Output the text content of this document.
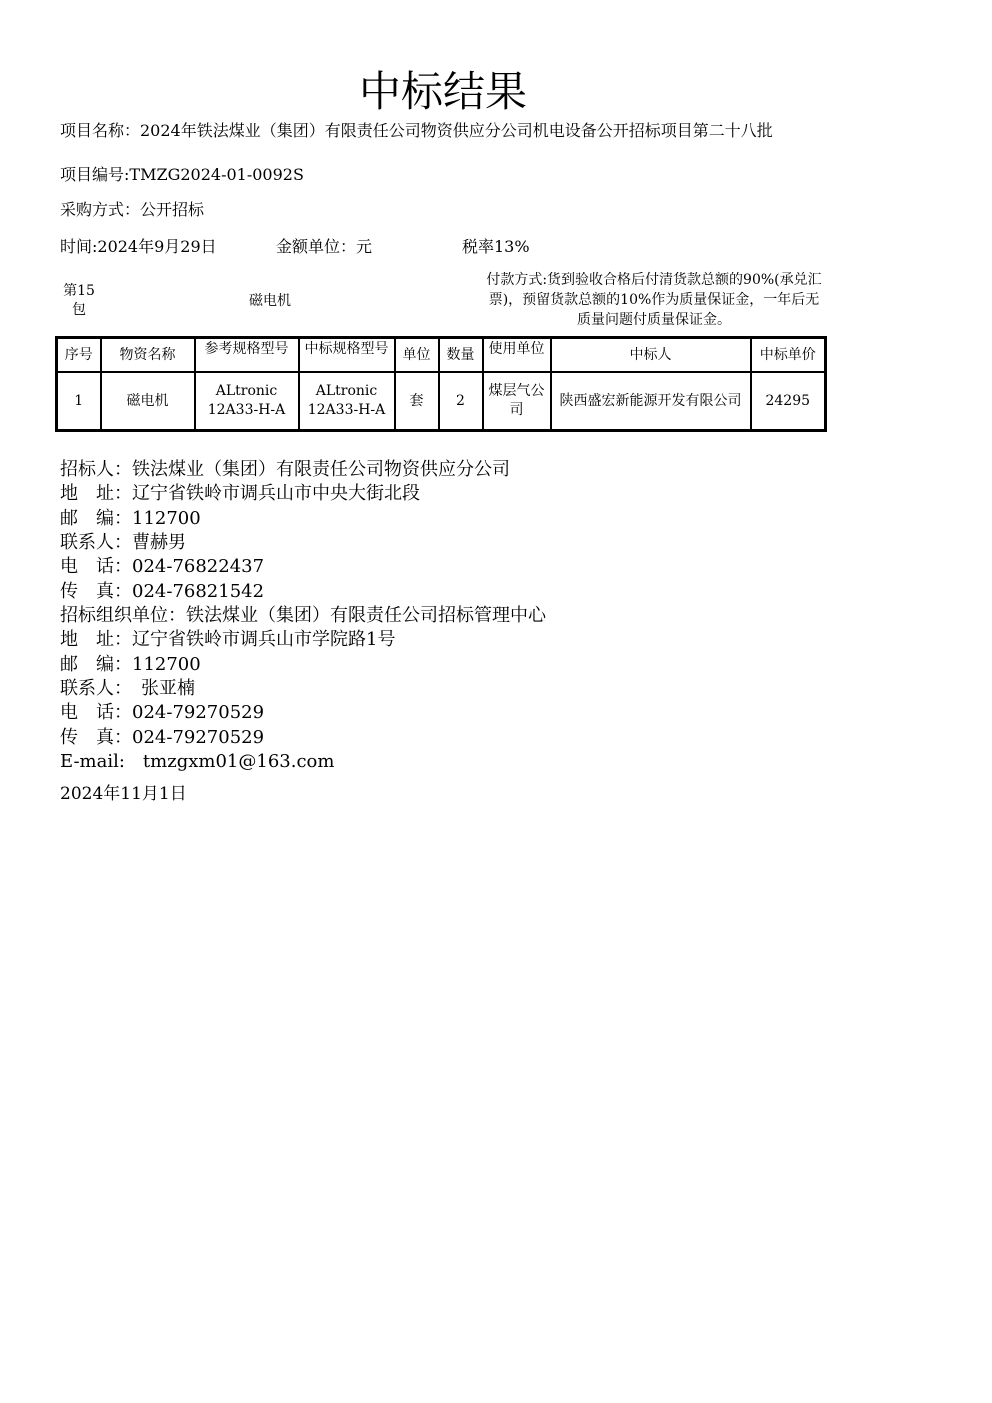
中标结果
项目名称：2024年铁法煤业（集团）有限责任公司物资供应分公司机电设备公开招标项目第二十八批
项目编号:TMZG2024-01-0092S
采购方式：公开招标
时间:2024年9月29日	金额单位：元	税率13%
第15包
磁电机
付款方式:货到验收合格后付清货款总额的90%(承兑汇票)，预留货款总额的10%作为质量保证金，一年后无质量问题付质量保证金。
序号	物资名称	参考规格型号	中标规格型号	单位	数量	使用单位	中标人	中标单价

1	磁电机	ALtronic 12A33-H-A	ALtronic 12A33-H-A	套	2	煤层气公司	陕西盛宏新能源开发有限公司	24295
招标人：铁法煤业（集团）有限责任公司物资供应分公司
地　址：辽宁省铁岭市调兵山市中央大街北段
邮　编：112700
联系人：曹赫男
电　话：024-76822437
传　真：024-76821542
招标组织单位：铁法煤业（集团）有限责任公司招标管理中心
地　址：辽宁省铁岭市调兵山市学院路1号
邮　编：112700
联系人：　张亚楠
电　话：024-79270529
传　真：024-79270529
E-mail:　tmzgxm01@163.com
2024年11月1日
